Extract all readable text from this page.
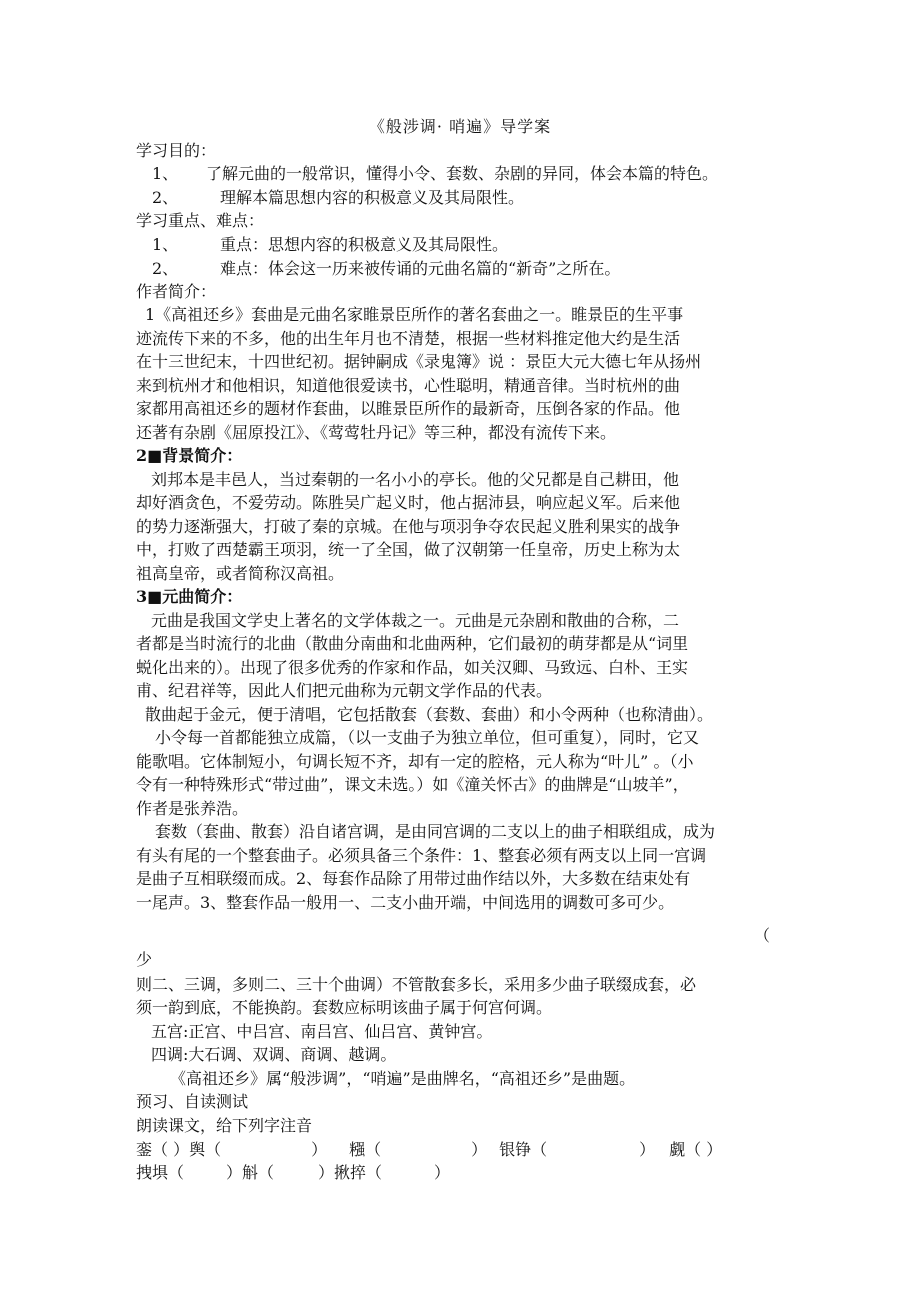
《般涉调· 哨遍》导学案
学习目的：
1、 了解元曲的一般常识，懂得小令、套数、杂剧的异同，体会本篇的特色。
2、	理解本篇思想内容的积极意义及其局限性。
学习重点、难点：
1、	重点：思想内容的积极意义及其局限性。
2、	难点：体会这一历来被传诵的元曲名篇的“新奇”之所在。
作者简介：
1《高祖还乡》套曲是元曲名家睢景臣所作的著名套曲之一。睢景臣的生平事
迹流传下来的不多，他的出生年月也不清楚，根据一些材料推定他大约是生活
在十三世纪末，十四世纪初。据钟嗣成《录鬼簿》说 ：景臣大元大德七年从扬州
来到杭州才和他相识，知道他很爱读书，心性聪明，精通音律。当时杭州的曲
家都用高祖还乡的题材作套曲，以睢景臣所作的最新奇，压倒各家的作品。他
还著有杂剧《屈原投江》、《莺莺牡丹记》等三种，都没有流传下来。
2■背景简介：
刘邦本是丰邑人，当过秦朝的一名小小的亭长。他的父兄都是自己耕田，他
却好酒贪色，不爱劳动。陈胜吴广起义时，他占据沛县，响应起义军。后来他
的势力逐渐强大，打破了秦的京城。在他与项羽争夺农民起义胜利果实的战争
中，打败了西楚霸王项羽，统一了全国，做了汉朝第一任皇帝，历史上称为太
祖高皇帝，或者简称汉高祖。
3■元曲简介：
元曲是我国文学史上著名的文学体裁之一。元曲是元杂剧和散曲的合称，二
者都是当时流行的北曲（散曲分南曲和北曲两种，它们最初的萌芽都是从“词里
蜕化出来的）。出现了很多优秀的作家和作品，如关汉卿、马致远、白朴、王实
甫、纪君祥等，因此人们把元曲称为元朝文学作品的代表。
散曲起于金元，便于清唱，它包括散套（套数、套曲）和小令两种（也称清曲）。
小令每一首都能独立成篇，（以一支曲子为独立单位，但可重复），同时，它又
能歌唱。它体制短小，句调长短不齐，却有一定的腔格，元人称为“叶儿” 。（小
令有一种特殊形式“带过曲”，课文未选。）如《潼关怀古》的曲牌是“山坡羊”，
作者是张养浩。
套数（套曲、散套）沿自诸宫调，是由同宫调的二支以上的曲子相联组成，成为
有头有尾的一个整套曲子。必须具备三个条件：1、整套必须有两支以上同一宫调
是曲子互相联缀而成。2、每套作品除了用带过曲作结以外，大多数在结束处有
一尾声。3、整套作品一般用一、二支小曲开端，中间选用的调数可多可少。
（
少
则二、三调，多则二、三十个曲调）不管散套多长，采用多少曲子联缀成套，必
须一韵到底，不能换韵。套数应标明该曲子属于何宫何调。
五宫:正宫、中吕宫、南吕宫、仙吕宫、黄钟宫。
四调:大石调、双调、商调、越调。
《高祖还乡》属“般涉调”，“哨遍”是曲牌名，“高祖还乡”是曲题。
预习、自读测试
朗读课文，给下列字注音
銮（ ）舆（	） 糨（	） 银铮（	） 觑（ ）
拽埧（	）斛（	）揪捽（	）
